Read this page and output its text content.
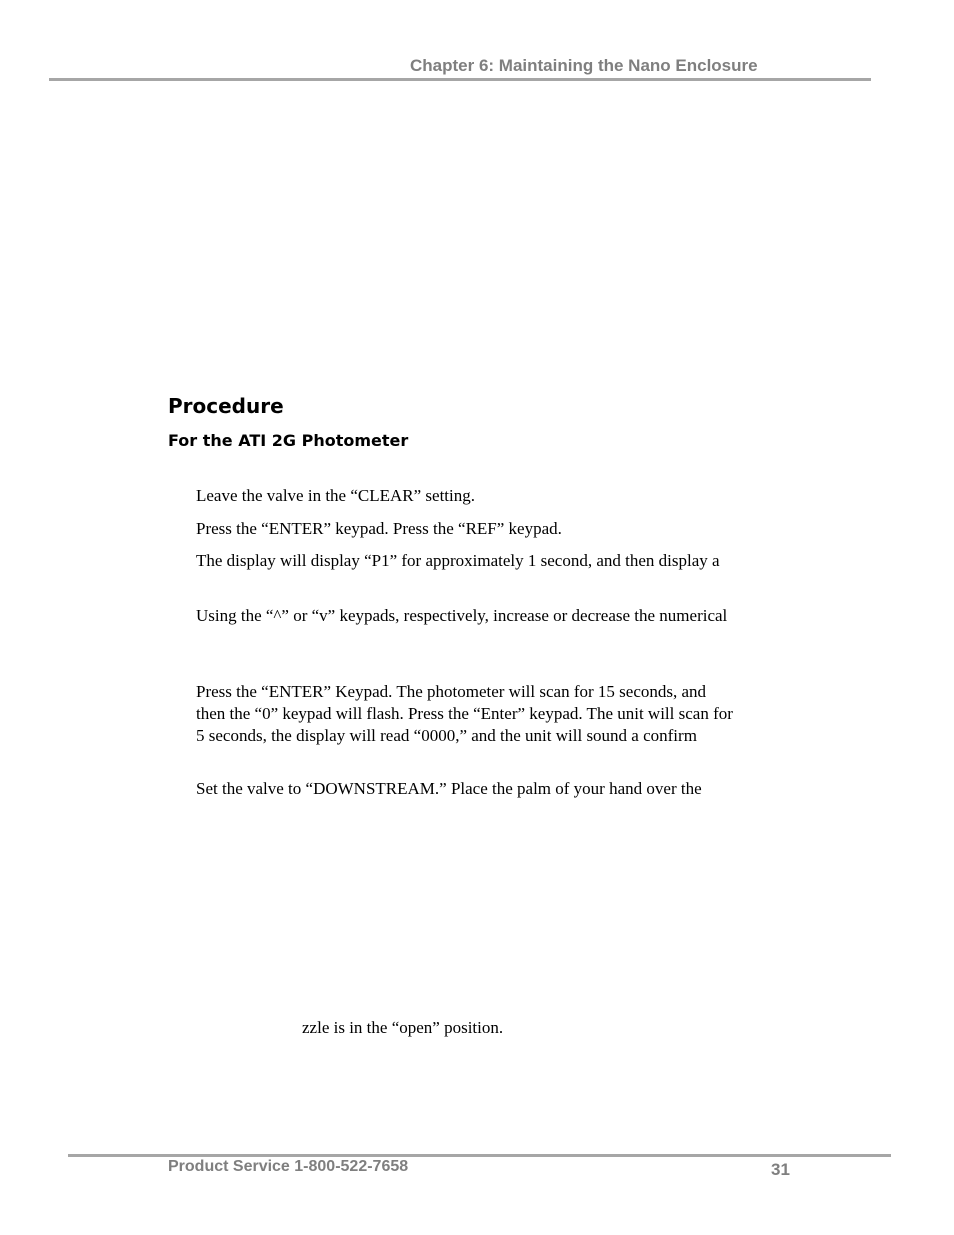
Chapter 6: Maintaining the Nano Enclosure
Procedure
For the ATI 2G Photometer
Leave the valve in the “CLEAR” setting.
Press the “ENTER” keypad. Press the “REF” keypad.
The display will display “P1” for approximately 1 second, and then display a
Using the “^” or “v” keypads, respectively, increase or decrease the numerical
Press the “ENTER” Keypad. The photometer will scan for 15 seconds, and
then the “0” keypad will flash. Press the “Enter” keypad. The unit will scan for
5 seconds, the display will read “0000,” and the unit will sound a confirm
Set the valve to “DOWNSTREAM.” Place the palm of your hand over the
zzle is in the “open” position.
Product Service 1-800-522-7658	31
